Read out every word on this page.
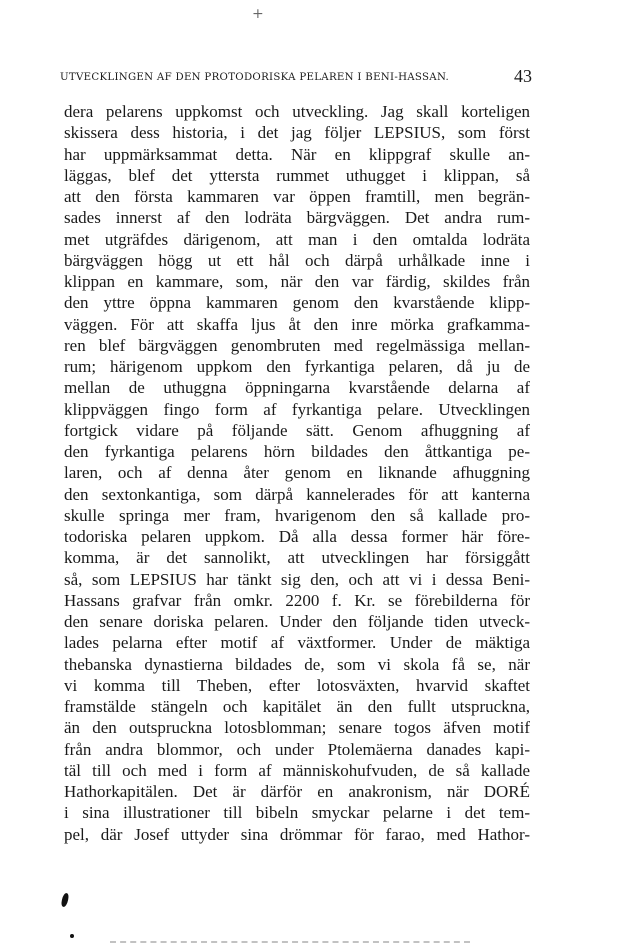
+
UTVECKLINGEN AF DEN PROTODORISKA PELAREN I BENI-HASSAN.	43
dera pelarens uppkomst och utveckling. Jag skall korteligen
skissera dess historia, i det jag följer LEPSIUS, som först
har uppmärksammat detta. När en klippgraf skulle an-
läggas, blef det yttersta rummet uthugget i klippan, så
att den första kammaren var öppen framtill, men begrän-
sades innerst af den lodräta bärgväggen. Det andra rum-
met utgräfdes därigenom, att man i den omtalda lodräta
bärgväggen högg ut ett hål och därpå urhålkade inne i
klippan en kammare, som, när den var färdig, skildes från
den yttre öppna kammaren genom den kvarstående klipp-
väggen. För att skaffa ljus åt den inre mörka grafkamma-
ren blef bärgväggen genombruten med regelmässiga mellan-
rum; härigenom uppkom den fyrkantiga pelaren, då ju de
mellan de uthuggna öppningarna kvarstående delarna af
klippväggen fingo form af fyrkantiga pelare. Utvecklingen
fortgick vidare på följande sätt. Genom afhuggning af
den fyrkantiga pelarens hörn bildades den åttkantiga pe-
laren, och af denna åter genom en liknande afhuggning
den sextonkantiga, som därpå kannelerades för att kanterna
skulle springa mer fram, hvarigenom den så kallade pro-
todoriska pelaren uppkom. Då alla dessa former här före-
komma, är det sannolikt, att utvecklingen har försiggått
så, som LEPSIUS har tänkt sig den, och att vi i dessa Beni-
Hassans grafvar från omkr. 2200 f. Kr. se förebilderna för
den senare doriska pelaren. Under den följande tiden utveck-
lades pelarna efter motif af växtformer. Under de mäktiga
thebanska dynastierna bildades de, som vi skola få se, när
vi komma till Theben, efter lotosväxten, hvarvid skaftet
framstälde stängeln och kapitälet än den fullt utspruckna,
än den outspruckna lotosblomman; senare togos äfven motif
från andra blommor, och under Ptolemäerna danades kapi-
täl till och med i form af människohufvuden, de så kallade
Hathorkapitälen. Det är därför en anakronism, när DORÉ
i sina illustrationer till bibeln smyckar pelarne i det tem-
pel, där Josef uttyder sina drömmar för farao, med Hathor-
